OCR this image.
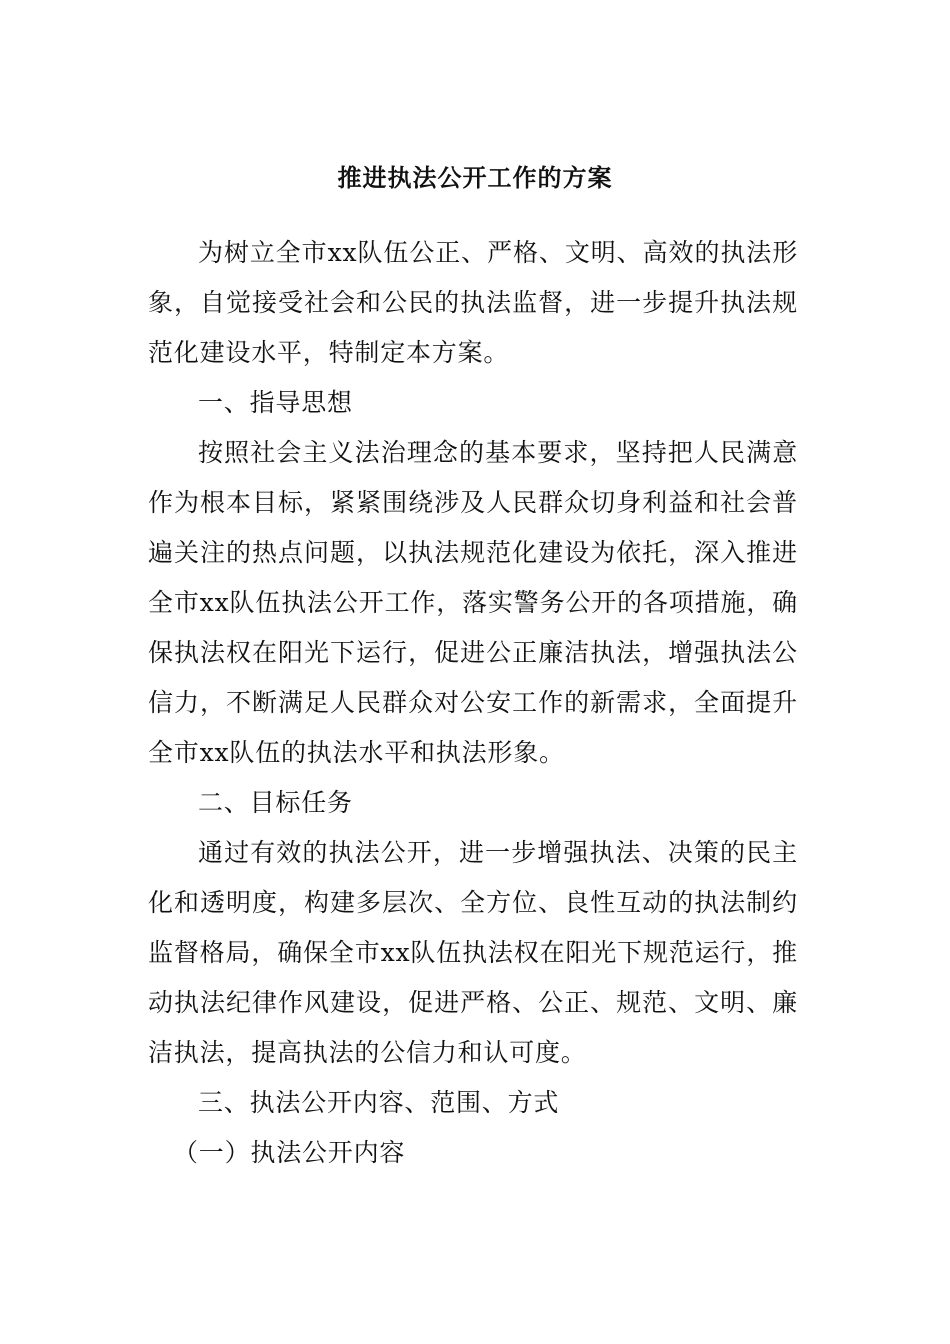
推进执法公开工作的方案

为树立全市xx队伍公正、严格、文明、高效的执法形象，自觉接受社会和公民的执法监督，进一步提升执法规范化建设水平，特制定本方案。

一、指导思想

按照社会主义法治理念的基本要求，坚持把人民满意作为根本目标，紧紧围绕涉及人民群众切身利益和社会普遍关注的热点问题，以执法规范化建设为依托，深入推进全市xx队伍执法公开工作，落实警务公开的各项措施，确保执法权在阳光下运行，促进公正廉洁执法，增强执法公信力，不断满足人民群众对公安工作的新需求，全面提升全市xx队伍的执法水平和执法形象。

二、目标任务

通过有效的执法公开，进一步增强执法、决策的民主化和透明度，构建多层次、全方位、良性互动的执法制约监督格局，确保全市xx队伍执法权在阳光下规范运行，推动执法纪律作风建设，促进严格、公正、规范、文明、廉洁执法，提高执法的公信力和认可度。

三、执法公开内容、范围、方式

（一）执法公开内容
